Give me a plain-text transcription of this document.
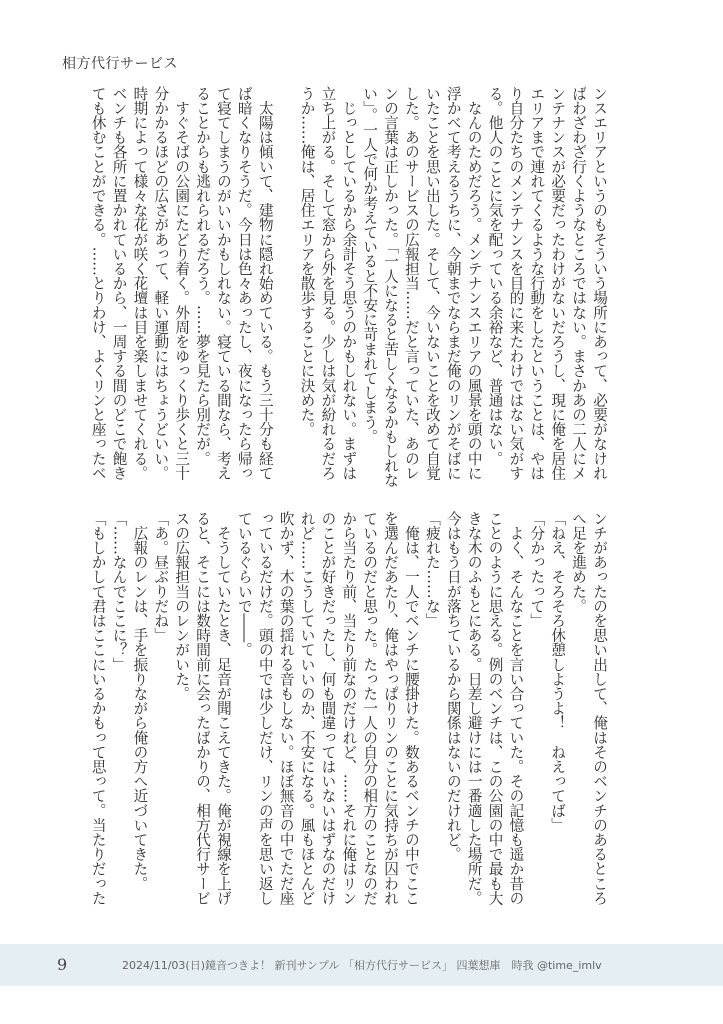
相方代行サービス
ンスエリアというのもそういう場所にあって、必要がなけれ
ばわざわざ行くようなところではない。まさかあの二人にメ
ンテナンスが必要だったわけがないだろうし、現に俺を居住
エリアまで連れてくるような行動をしたということは、やは
り自分たちのメンテナンスを目的に来たわけではない気がす
る。他人のことに気を配っている余裕など、普通はない。
　なんのためだろう。メンテナンスエリアの風景を頭の中に
浮かべて考えるうちに、今朝までならまだ俺のリンがそばに
いたことを思い出した。そして、今いないことを改めて自覚
した。あのサービスの広報担当……だと言っていた、あのレ
ンの言葉は正しかった。「一人になると苦しくなるかもしれな
い」。一人で何か考えていると不安に苛まれてしまう。
　じっとしているから余計そう思うのかもしれない。まずは
立ち上がる。そして窓から外を見る。少しは気が紛れるだろ
うか……俺は、居住エリアを散歩することに決めた。
　太陽は傾いて、建物に隠れ始めている。もう三十分も経て
ば暗くなりそうだ。今日は色々あったし、夜になったら帰っ
て寝てしまうのがいいかもしれない。寝ている間なら、考え
ることからも逃れられるだろう。……夢を見たら別だが。
　すぐそばの公園にたどり着く。外周をゆっくり歩くと三十
分かかるほどの広さがあって、軽い運動にはちょうどいい。
時期によって様々な花が咲く花壇は目を楽しませてくれる。
ベンチも各所に置かれているから、一周する間のどこで飽き
ても休むことができる。……とりわけ、よくリンと座ったベ
ンチがあったのを思い出して、俺はそのベンチのあるところ
へ足を進めた。
「ねえ、そろそろ休憩しようよ！　ねえってば」
「分かったって」
　よく、そんなことを言い合っていた。その記憶も遥か昔の
ことのように思える。例のベンチは、この公園の中で最も大
きな木のふもとにある。日差し避けには一番適した場所だ。
今はもう日が落ちているから関係はないのだけれど。
「疲れた……な」
　俺は、一人でベンチに腰掛けた。数あるベンチの中でここ
を選んだあたり、俺はやっぱりリンのことに気持ちが囚われ
ているのだと思った。たった一人の自分の相方のことなのだ
から当たり前、当たり前なのだけれど、……それに俺はリン
のことが好きだったし、何も間違ってはいないはずなのだけ
れど……こうしていていいのか、不安になる。風もほとんど
吹かず、木の葉の揺れる音もしない。ほぼ無音の中でただ座
っているだけだ。頭の中では少しだけ、リンの声を思い返し
ているぐらいで――。
　そうしていたとき、足音が聞こえてきた。俺が視線を上げ
ると、そこには数時間前に会ったばかりの、相方代行サービ
スの広報担当のレンがいた。
「あ。昼ぶりだね」
　広報のレンは、手を振りながら俺の方へ近づいてきた。
「……なんでここに？」
「もしかして君はここにいるかもって思って。当たりだった
9	2024/11/03(日)鏡音つきよ！ 新刊サンプル 「相方代行サービス」 四葉想庫　時我 @time_imlv
